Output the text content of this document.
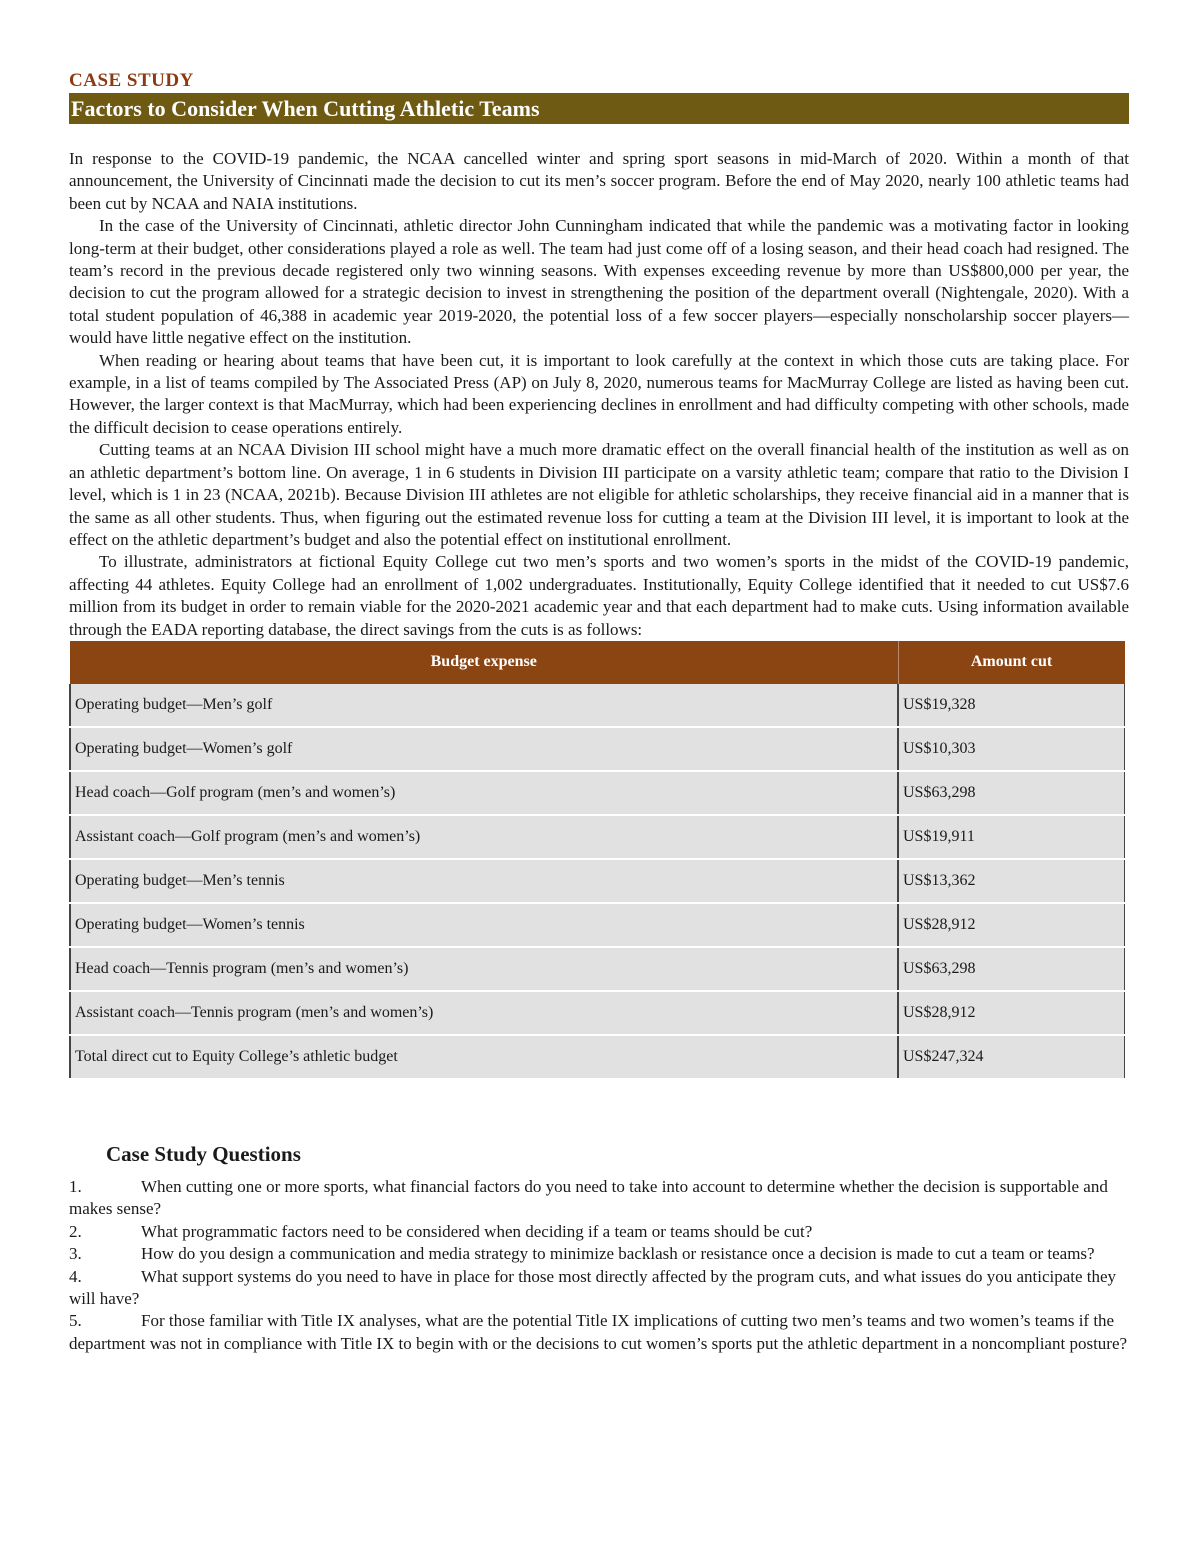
CASE STUDY

Factors to Consider When Cutting Athletic Teams

In response to the COVID-19 pandemic, the NCAA cancelled winter and spring sport seasons in mid-March of 2020. Within a month of that announcement, the University of Cincinnati made the decision to cut its men’s soccer program. Before the end of May 2020, nearly 100 athletic teams had been cut by NCAA and NAIA institutions.

In the case of the University of Cincinnati, athletic director John Cunningham indicated that while the pandemic was a motivating factor in looking long-term at their budget, other considerations played a role as well. The team had just come off of a losing season, and their head coach had resigned. The team’s record in the previous decade registered only two winning seasons. With expenses exceeding revenue by more than US$800,000 per year, the decision to cut the program allowed for a strategic decision to invest in strengthening the position of the department overall (Nightengale, 2020). With a total student population of 46,388 in academic year 2019-2020, the potential loss of a few soccer players—especially nonscholarship soccer players—would have little negative effect on the institution.

When reading or hearing about teams that have been cut, it is important to look carefully at the context in which those cuts are taking place. For example, in a list of teams compiled by The Associated Press (AP) on July 8, 2020, numerous teams for MacMurray College are listed as having been cut. However, the larger context is that MacMurray, which had been experiencing declines in enrollment and had difficulty competing with other schools, made the difficult decision to cease operations entirely.

Cutting teams at an NCAA Division III school might have a much more dramatic effect on the overall financial health of the institution as well as on an athletic department’s bottom line. On average, 1 in 6 students in Division III participate on a varsity athletic team; compare that ratio to the Division I level, which is 1 in 23 (NCAA, 2021b). Because Division III athletes are not eligible for athletic scholarships, they receive financial aid in a manner that is the same as all other students. Thus, when figuring out the estimated revenue loss for cutting a team at the Division III level, it is important to look at the effect on the athletic department’s budget and also the potential effect on institutional enrollment.

To illustrate, administrators at fictional Equity College cut two men’s sports and two women’s sports in the midst of the COVID-19 pandemic, affecting 44 athletes. Equity College had an enrollment of 1,002 undergraduates. Institutionally, Equity College identified that it needed to cut US$7.6 million from its budget in order to remain viable for the 2020-2021 academic year and that each department had to make cuts. Using information available through the EADA reporting database, the direct savings from the cuts is as follows:

Budget expense	Amount cut
Operating budget—Men’s golf	US$19,328
Operating budget—Women’s golf	US$10,303
Head coach—Golf program (men’s and women’s)	US$63,298
Assistant coach—Golf program (men’s and women’s)	US$19,911
Operating budget—Men’s tennis	US$13,362
Operating budget—Women’s tennis	US$28,912
Head coach—Tennis program (men’s and women’s)	US$63,298
Assistant coach—Tennis program (men’s and women’s)	US$28,912
Total direct cut to Equity College’s athletic budget	US$247,324
Case Study Questions

1.	When cutting one or more sports, what financial factors do you need to take into account to determine whether the decision is supportable and makes sense?

2.	What programmatic factors need to be considered when deciding if a team or teams should be cut?

3.	How do you design a communication and media strategy to minimize backlash or resistance once a decision is made to cut a team or teams?

4.	What support systems do you need to have in place for those most directly affected by the program cuts, and what issues do you anticipate they will have?

5.	For those familiar with Title IX analyses, what are the potential Title IX implications of cutting two men’s teams and two women’s teams if the department was not in compliance with Title IX to begin with or the decisions to cut women’s sports put the athletic department in a noncompliant posture?
